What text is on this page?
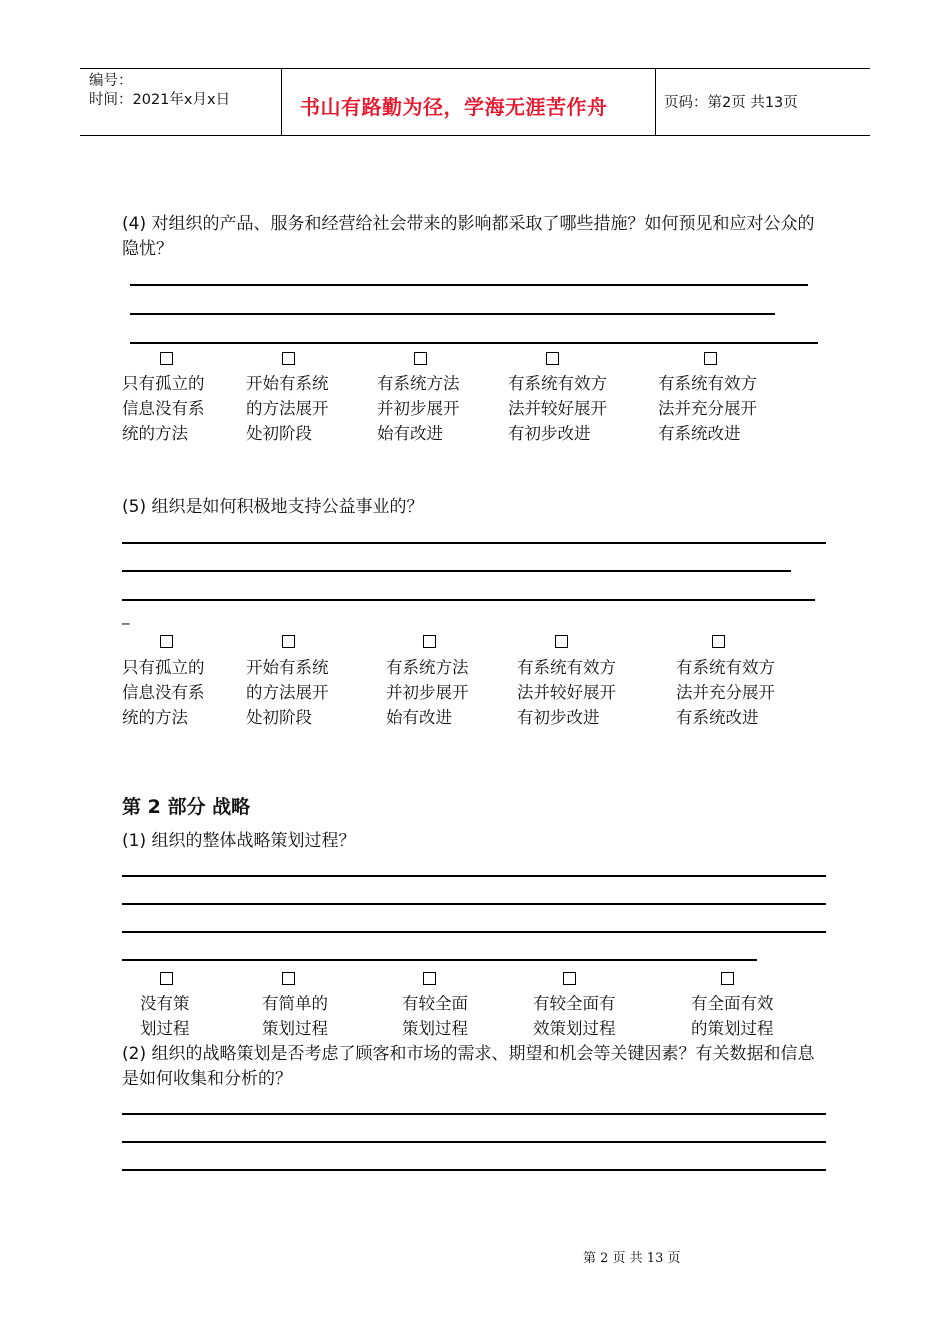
编号：
时间：2021年x月x日	书山有路勤为径，学海无涯苦作舟	页码：第2页 共13页
(4) 对组织的产品、服务和经营给社会带来的影响都采取了哪些措施？如何预见和应对公众的隐忧？
只有孤立的
信息没有系
统的方法
开始有系统
的方法展开
处初阶段
有系统方法
并初步展开
始有改进
有系统有效方
法并较好展开
有初步改进
有系统有效方
法并充分展开
有系统改进
(5) 组织是如何积极地支持公益事业的？
_
只有孤立的
信息没有系
统的方法
开始有系统
的方法展开
处初阶段
有系统方法
并初步展开
始有改进
有系统有效方
法并较好展开
有初步改进
有系统有效方
法并充分展开
有系统改进
第 2 部分 战略
(1) 组织的整体战略策划过程？
没有策
划过程
有简单的
策划过程
有较全面
策划过程
有较全面有
效策划过程
有全面有效
的策划过程
(2) 组织的战略策划是否考虑了顾客和市场的需求、期望和机会等关键因素？有关数据和信息是如何收集和分析的？
第 2 页 共 13 页
